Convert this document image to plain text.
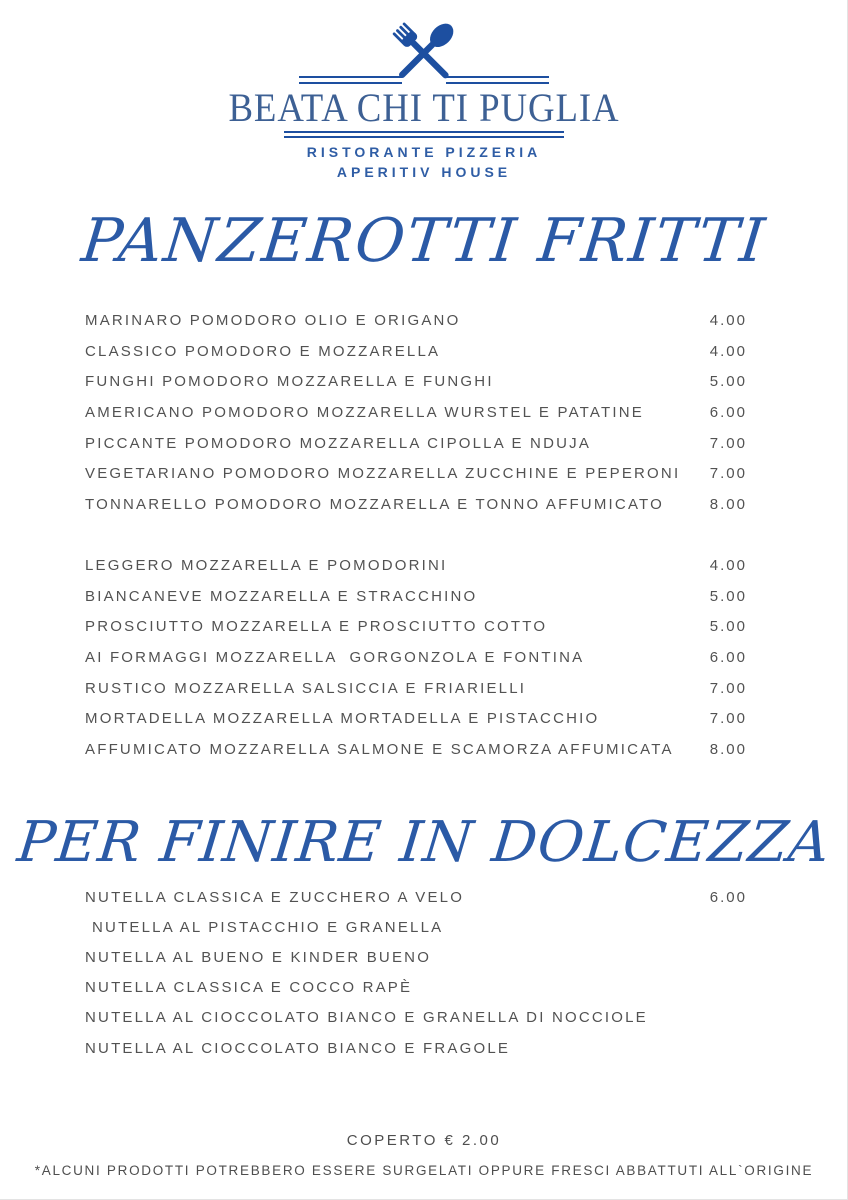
BEATA CHI TI PUGLIA
RISTORANTE PIZZERIA
APERITIV HOUSE
PANZEROTTI FRITTI
MARINARO POMODORO OLIO E ORIGANO	4.00
CLASSICO POMODORO E MOZZARELLA	4.00
FUNGHI POMODORO MOZZARELLA E FUNGHI	5.00
AMERICANO POMODORO MOZZARELLA WURSTEL E PATATINE	6.00
PICCANTE POMODORO MOZZARELLA CIPOLLA E NDUJA	7.00
VEGETARIANO POMODORO MOZZARELLA ZUCCHINE E PEPERONI 7.00
TONNARELLO POMODORO MOZZARELLA E TONNO AFFUMICATO	8.00
LEGGERO MOZZARELLA E POMODORINI	4.00
BIANCANEVE MOZZARELLA E STRACCHINO	5.00
PROSCIUTTO MOZZARELLA E PROSCIUTTO COTTO	5.00
AI FORMAGGI MOZZARELLA  GORGONZOLA E FONTINA	6.00
RUSTICO MOZZARELLA SALSICCIA E FRIARIELLI	7.00
MORTADELLA MOZZARELLA MORTADELLA E PISTACCHIO	7.00
AFFUMICATO MOZZARELLA SALMONE E SCAMORZA AFFUMICATA 8.00
PER FINIRE IN DOLCEZZA
NUTELLA CLASSICA E ZUCCHERO A VELO	6.00
NUTELLA AL PISTACCHIO E GRANELLA
NUTELLA AL BUENO E KINDER BUENO
NUTELLA CLASSICA E COCCO RAPÈ
NUTELLA AL CIOCCOLATO BIANCO E GRANELLA DI NOCCIOLE
NUTELLA AL CIOCCOLATO BIANCO E FRAGOLE
COPERTO € 2.00
*ALCUNI PRODOTTI POTREBBERO ESSERE SURGELATI OPPURE FRESCI ABBATTUTI ALL`ORIGINE
